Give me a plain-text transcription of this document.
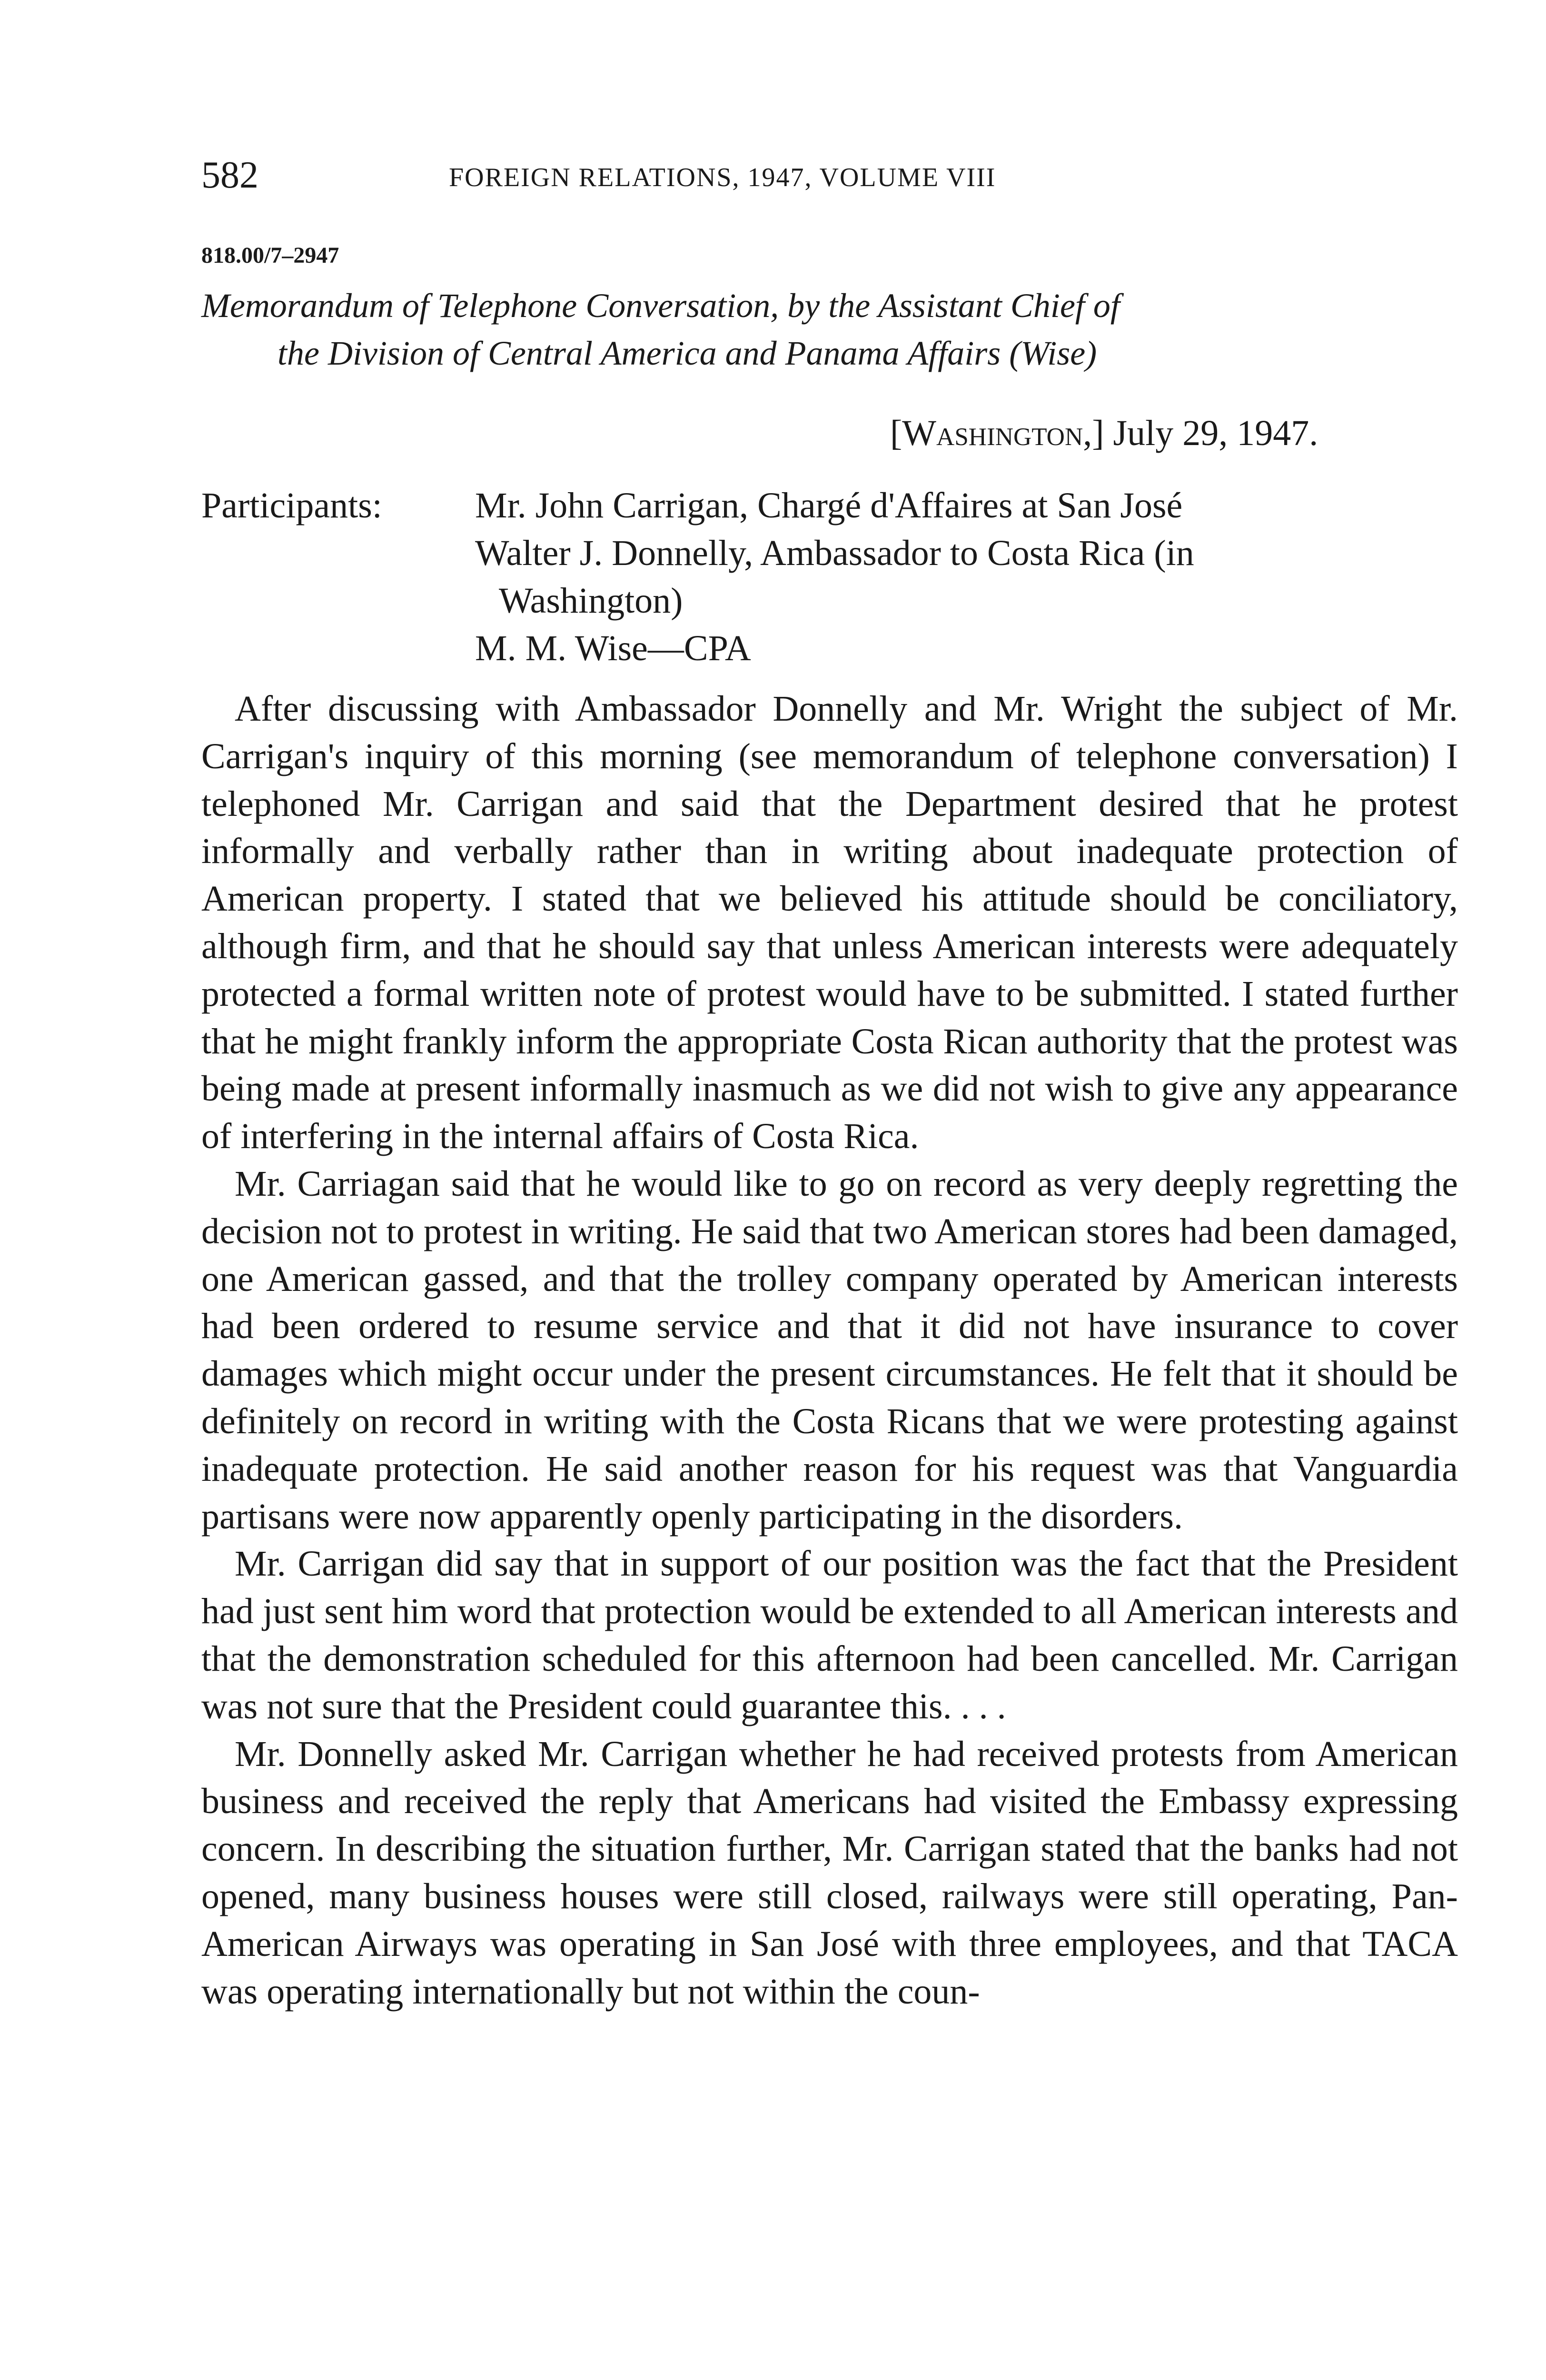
582	FOREIGN RELATIONS, 1947, VOLUME VIII
818.00/7–2947
Memorandum of Telephone Conversation, by the Assistant Chief of
the Division of Central America and Panama Affairs (Wise)
[Washington,] July 29, 1947.
Participants:	Mr. John Carrigan, Chargé d'Affaires at San José
Walter J. Donnelly, Ambassador to Costa Rica (in
Washington)
M. M. Wise—CPA

After discussing with Ambassador Donnelly and Mr. Wright the subject of Mr. Carrigan's inquiry of this morning (see memorandum of telephone conversation) I telephoned Mr. Carrigan and said that the Department desired that he protest informally and verbally rather than in writing about inadequate protection of American property. I stated that we believed his attitude should be conciliatory, although firm, and that he should say that unless American interests were adequately protected a formal written note of protest would have to be submitted. I stated further that he might frankly inform the appropriate Costa Rican authority that the protest was being made at present informally inasmuch as we did not wish to give any appearance of interfering in the internal affairs of Costa Rica.

Mr. Carriagan said that he would like to go on record as very deeply regretting the decision not to protest in writing. He said that two American stores had been damaged, one American gassed, and that the trolley company operated by American interests had been ordered to resume service and that it did not have insurance to cover damages which might occur under the present circumstances. He felt that it should be definitely on record in writing with the Costa Ricans that we were protesting against inadequate protection. He said another reason for his request was that Vanguardia partisans were now apparently openly participating in the disorders.

Mr. Carrigan did say that in support of our position was the fact that the President had just sent him word that protection would be extended to all American interests and that the demonstration scheduled for this afternoon had been cancelled. Mr. Carrigan was not sure that the President could guarantee this. . . .

Mr. Donnelly asked Mr. Carrigan whether he had received protests from American business and received the reply that Americans had visited the Embassy expressing concern. In describing the situation further, Mr. Carrigan stated that the banks had not opened, many business houses were still closed, railways were still operating, Pan-American Airways was operating in San José with three employees, and that TACA was operating internationally but not within the coun-
